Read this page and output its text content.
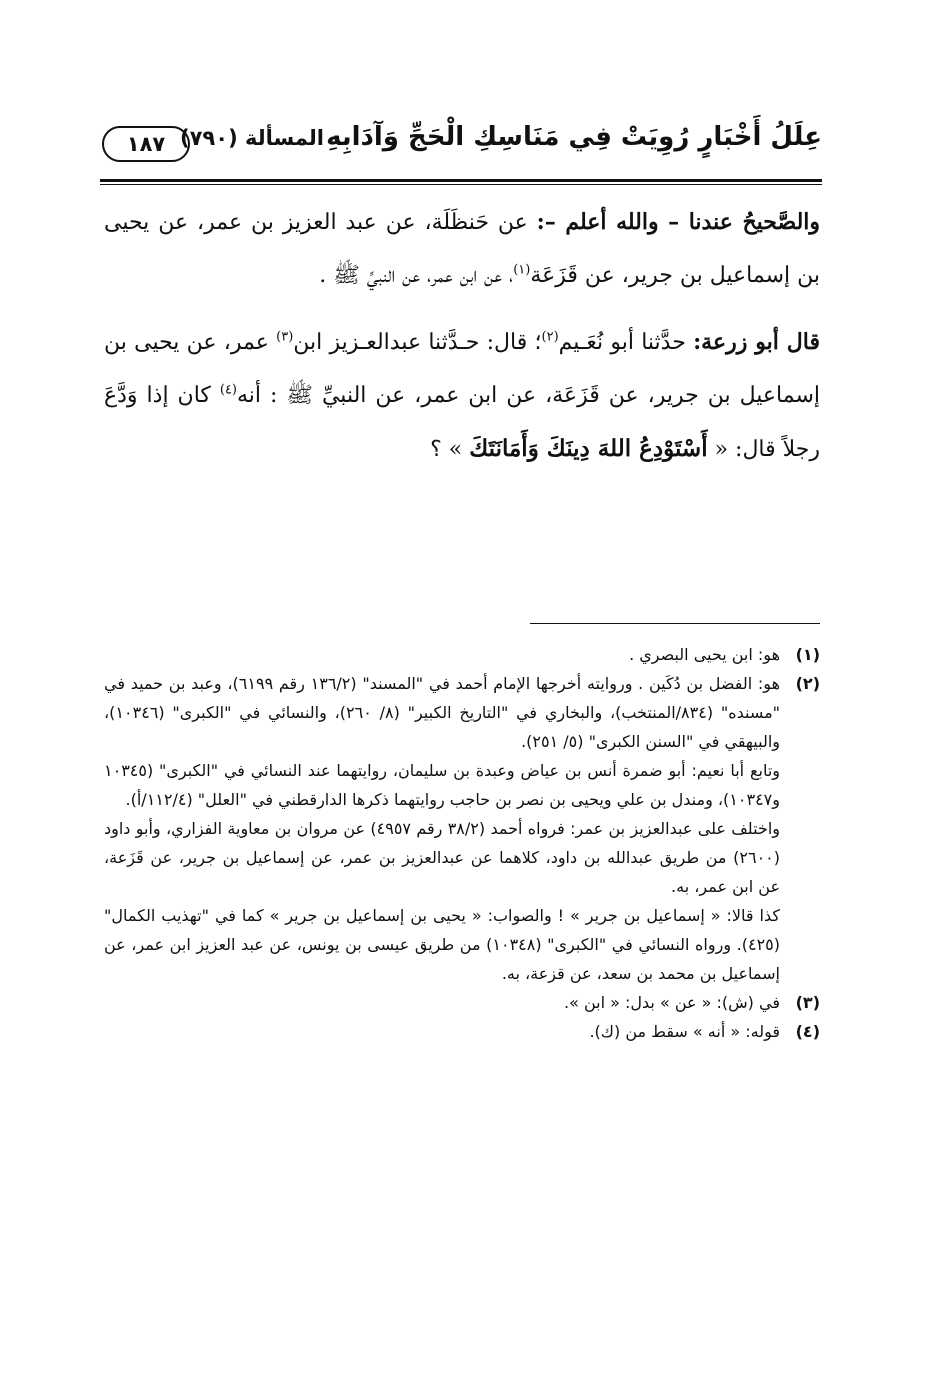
عِلَلُ أَخْبَارٍ رُوِيَتْ فِي مَنَاسِكِ الْحَجِّ وَآدَابِهِ
المسألة (٧٩٠)
١٨٧

والصَّحيحُ عندنا – والله أعلم –: عن حَنظَلَة، عن عبد العزيز بن عمر، عن يحيى بن إسماعيل بن جرير، عن قَزَعَة$^{(١)}$، عن ابن عمر، عن النبيِّ ﷺ .

قال أبو زرعة: حدَّثنا أبو نُعَـيم$^{(٢)}$؛ قال: حـدَّثنا عبدالعـزيز ابن$^{(٣)}$ عمر، عن يحيى بن إسماعيل بن جرير، عن قَزَعَة، عن ابن عمر، عن النبيِّ ﷺ : أنه$^{(٤)}$ كان إذا وَدَّعَ رجلاً قال: « أَسْتَوْدِعُ اللهَ دِينَكَ وَأَمَانَتَكَ » ؟

(١)

هو: ابن يحيى البصري .

(٢)

هو: الفضل بن دُكَين . وروايته أخرجها الإمام أحمد في "المسند" (١٣٦/٢ رقم ٦١٩٩)، وعبد بن حميد في "مسنده" (٨٣٤/المنتخب)، والبخاري في "التاريخ الكبير" (٨/ ٢٦٠)، والنسائي في "الكبرى" (١٠٣٤٦)، والبيهقي في "السنن الكبرى" (٥/ ٢٥١).

وتابع أبا نعيم: أبو ضمرة أنس بن عياض وعبدة بن سليمان، روايتهما عند النسائي في "الكبرى" (١٠٣٤٥ و١٠٣٤٧)، ومندل بن علي ويحيى بن نصر بن حاجب روايتهما ذكرها الدارقطني في "العلل" (١١٢/٤/أ).

واختلف على عبدالعزيز بن عمر: فرواه أحمد (٣٨/٢ رقم ٤٩٥٧) عن مروان بن معاوية الفزاري، وأبو داود (٢٦٠٠) من طريق عبدالله بن داود، كلاهما عن عبدالعزيز بن عمر، عن إسماعيل بن جرير، عن قَزَعة، عن ابن عمر، به.

كذا قالا: « إسماعيل بن جرير » ! والصواب: « يحيى بن إسماعيل بن جرير » كما في "تهذيب الكمال" (٤٢٥). ورواه النسائي في "الكبرى" (١٠٣٤٨) من طريق عيسى بن يونس، عن عبد العزيز ابن عمر، عن إسماعيل بن محمد بن سعد، عن قزعة، به.

(٣)

في (ش): « عن » بدل: « ابن ».

(٤)

قوله: « أنه » سقط من (ك).
